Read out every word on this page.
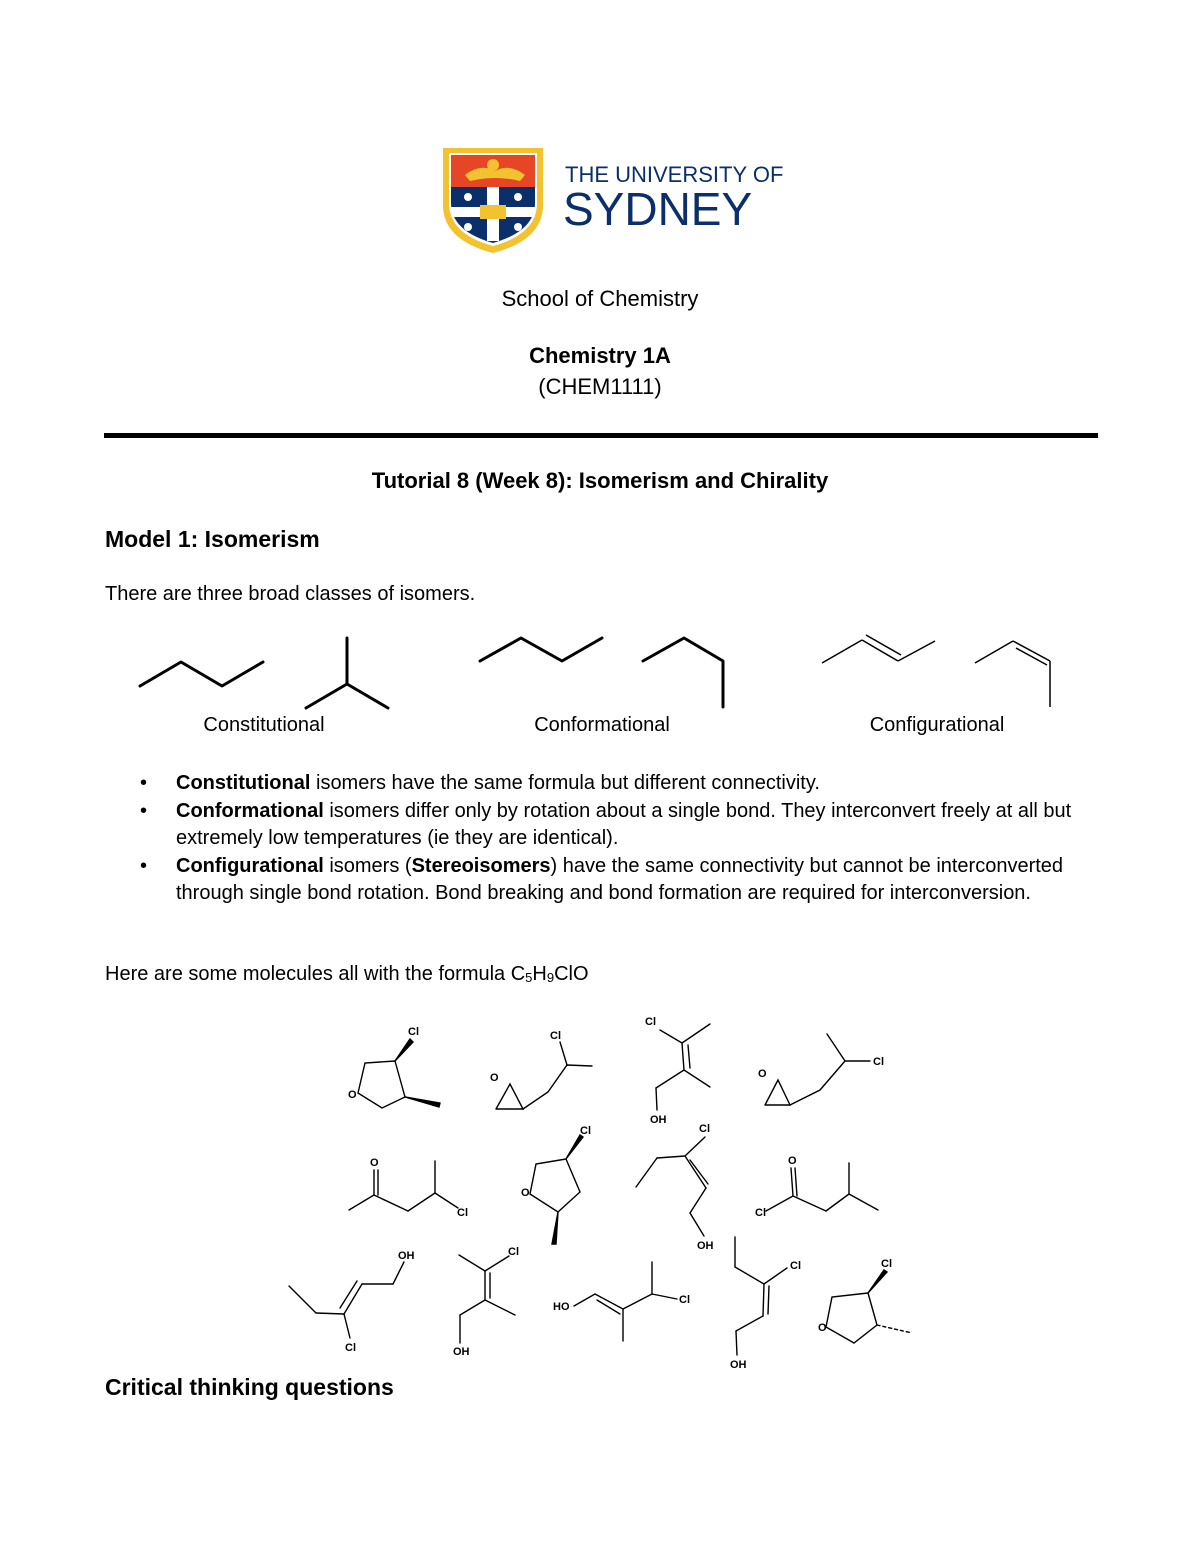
THE UNIVERSITY OF
SYDNEY
School of Chemistry
Chemistry 1A
(CHEM1111)
Tutorial 8 (Week 8): Isomerism and Chirality
Model 1: Isomerism
There are three broad classes of isomers.
Constitutional	Conformational	Configurational
• Constitutional isomers have the same formula but different connectivity.
• Conformational isomers differ only by rotation about a single bond. They interconvert freely at all but extremely low temperatures (ie they are identical).
• Configurational isomers (Stereoisomers) have the same connectivity but cannot be interconverted through single bond rotation. Bond breaking and bond formation are required for interconversion.
Here are some molecules all with the formula $C_5H_9ClO$
Cl
O
Cl
O
Cl
OH
O
Cl
O
Cl
Cl
O
Cl
OH
O
Cl
OH
Cl
Cl
OH
HO
Cl
Cl
OH
Cl
O
Critical thinking questions
